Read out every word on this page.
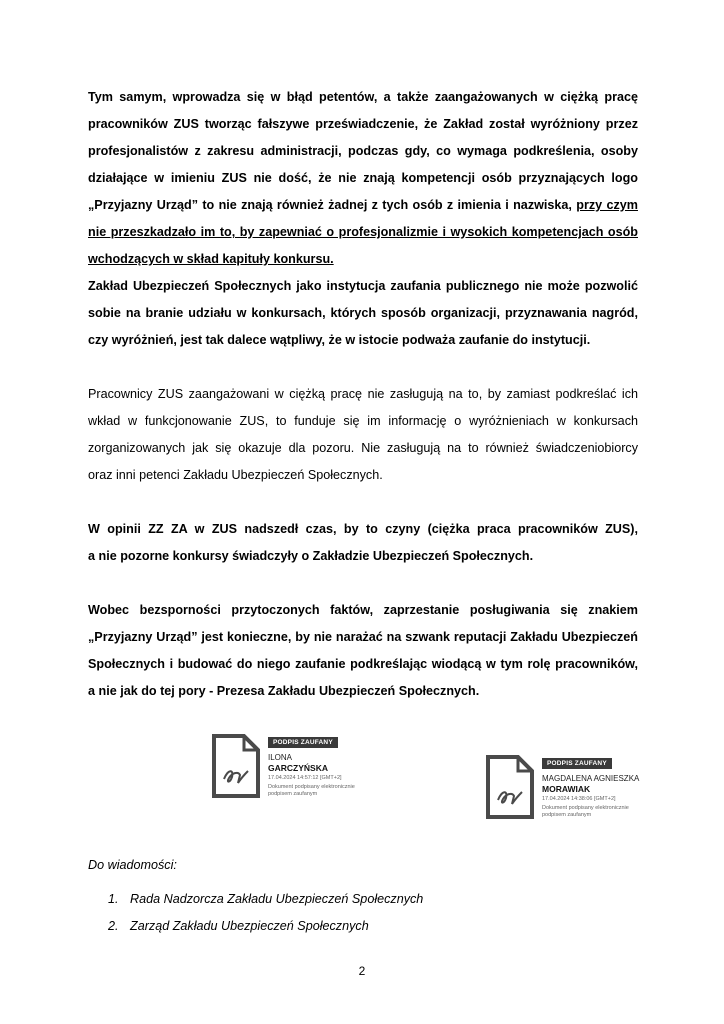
Tym samym, wprowadza się w błąd petentów, a także zaangażowanych w ciężką pracę
pracowników ZUS tworząc fałszywe przeświadczenie, że Zakład został wyróżniony przez
profesjonalistów z zakresu administracji, podczas gdy, co wymaga podkreślenia, osoby
działające w imieniu ZUS nie dość, że nie znają kompetencji osób przyznających logo
„Przyjazny Urząd” to nie znają również żadnej z tych osób z imienia i nazwiska, przy czym
nie przeszkadzało im to, by zapewniać o profesjonalizmie i wysokich kompetencjach osób
wchodzących w skład kapituły konkursu.
Zakład Ubezpieczeń Społecznych jako instytucja zaufania publicznego nie może pozwolić
sobie na branie udziału w konkursach, których sposób organizacji, przyznawania nagród,
czy wyróżnień, jest tak dalece wątpliwy, że w istocie podważa zaufanie do instytucji.
Pracownicy ZUS zaangażowani w ciężką pracę nie zasługują na to, by zamiast podkreślać ich
wkład w funkcjonowanie ZUS, to funduje się im informację o wyróżnieniach w konkursach
zorganizowanych jak się okazuje dla pozoru. Nie zasługują na to również świadczeniobiorcy
oraz inni petenci Zakładu Ubezpieczeń Społecznych.
W opinii ZZ ZA w ZUS nadszedł czas, by to czyny (ciężka praca pracowników ZUS),
a nie pozorne konkursy świadczyły o Zakładzie Ubezpieczeń Społecznych.
Wobec bezsporności przytoczonych faktów, zaprzestanie posługiwania się znakiem
„Przyjazny Urząd” jest konieczne, by nie narażać na szwank reputacji Zakładu Ubezpieczeń
Społecznych i budować do niego zaufanie podkreślając wiodącą w tym rolę pracowników,
a nie jak do tej pory - Prezesa Zakładu Ubezpieczeń Społecznych.
PODPIS ZAUFANY
ILONA
GARCZYŃSKA
17.04.2024 14:57:12 [GMT+2]
Dokument podpisany elektronicznie
podpisem zaufanym
PODPIS ZAUFANY
MAGDALENA AGNIESZKA
MORAWIAK
17.04.2024 14:38:06 [GMT+2]
Dokument podpisany elektronicznie
podpisem zaufanym

Do wiadomości:

1. Rada Nadzorcza Zakładu Ubezpieczeń Społecznych
2. Zarząd Zakładu Ubezpieczeń Społecznych
2
